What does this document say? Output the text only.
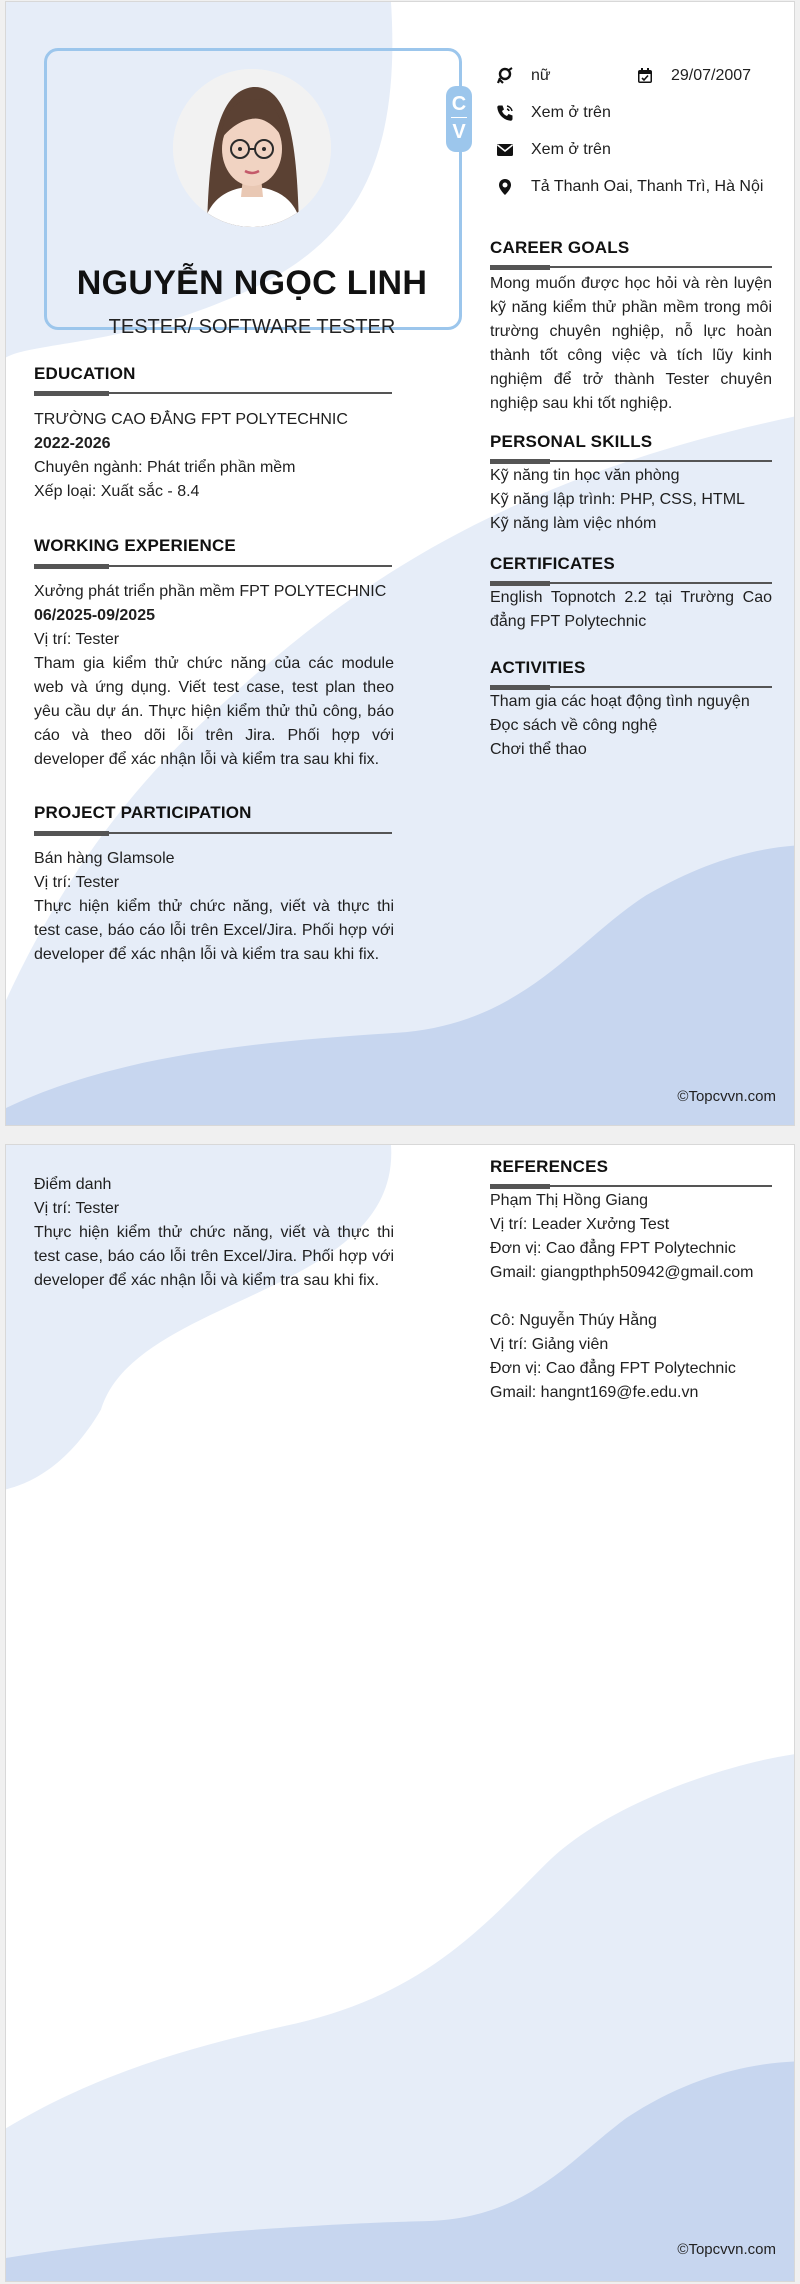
C
V
NGUYỄN NGỌC LINH
TESTER/ SOFTWARE TESTER
nữ	29/07/2007
Xem ở trên
Xem ở trên
Tả Thanh Oai, Thanh Trì, Hà Nội
EDUCATION
TRƯỜNG CAO ĐẲNG FPT POLYTECHNIC
2022-2026
Chuyên ngành: Phát triển phần mềm
Xếp loại: Xuất sắc - 8.4
WORKING EXPERIENCE
Xưởng phát triển phần mềm FPT POLYTECHNIC
06/2025-09/2025
Vị trí: Tester
Tham gia kiểm thử chức năng của các module web và ứng dụng. Viết test case, test plan theo yêu cầu dự án. Thực hiện kiểm thử thủ công, báo cáo và theo dõi lỗi trên Jira. Phối hợp với developer để xác nhận lỗi và kiểm tra sau khi fix.
PROJECT PARTICIPATION
Bán hàng Glamsole
Vị trí: Tester
Thực hiện kiểm thử chức năng, viết và thực thi test case, báo cáo lỗi trên Excel/Jira. Phối hợp với developer để xác nhận lỗi và kiểm tra sau khi fix.
CAREER GOALS
Mong muốn được học hỏi và rèn luyện kỹ năng kiểm thử phần mềm trong môi trường chuyên nghiệp, nỗ lực hoàn thành tốt công việc và tích lũy kinh nghiệm để trở thành Tester chuyên nghiệp sau khi tốt nghiệp.
PERSONAL SKILLS
Kỹ năng tin học văn phòng
Kỹ năng lập trình: PHP, CSS, HTML
Kỹ năng làm việc nhóm
CERTIFICATES
English Topnotch 2.2 tại Trường Cao đẳng FPT Polytechnic
ACTIVITIES
Tham gia các hoạt động tình nguyện
Đọc sách về công nghệ
Chơi thể thao
©Topcvvn.com
Điểm danh
Vị trí: Tester
Thực hiện kiểm thử chức năng, viết và thực thi test case, báo cáo lỗi trên Excel/Jira. Phối hợp với developer để xác nhận lỗi và kiểm tra sau khi fix.
REFERENCES
Phạm Thị Hồng Giang
Vị trí: Leader Xưởng Test
Đơn vị: Cao đẳng FPT Polytechnic
Gmail: giangpthph50942@gmail.com
Cô: Nguyễn Thúy Hằng
Vị trí: Giảng viên
Đơn vị: Cao đẳng FPT Polytechnic
Gmail: hangnt169@fe.edu.vn
©Topcvvn.com
